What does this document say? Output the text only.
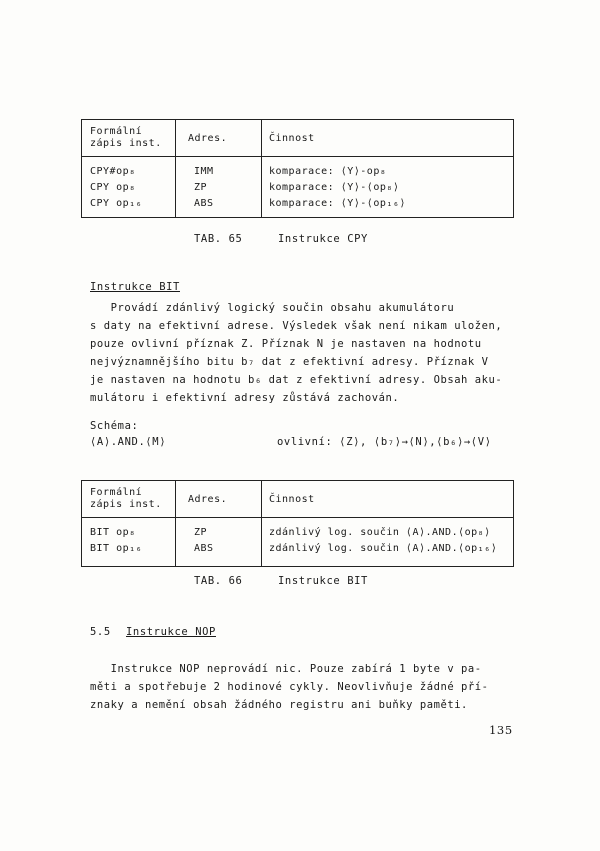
Formální
zápis inst.	Adres.	Činnost
CPY#op₈	IMM	komparace: ⟨Y⟩-op₈
CPY op₈	ZP	komparace: ⟨Y⟩-⟨op₈⟩
CPY op₁₆	ABS	komparace: ⟨Y⟩-⟨op₁₆⟩
TAB. 65	Instrukce CPY
Instrukce BIT
Provádí zdánlivý logický součin obsahu akumulátoru
s daty na efektivní adrese. Výsledek však není nikam uložen,
pouze ovlivní příznak Z. Příznak N je nastaven na hodnotu
nejvýznamnějšího bitu b₇ dat z efektivní adresy. Příznak V
je nastaven na hodnotu b₆ dat z efektivní adresy. Obsah aku-
mulátoru i efektivní adresy zůstává zachován.
Schéma:
⟨A⟩.AND.⟨M⟩	ovlivní: ⟨Z⟩, ⟨b₇⟩→⟨N⟩,⟨b₆⟩→⟨V⟩
Formální
zápis inst.	Adres.	Činnost
BIT op₈	ZP	zdánlivý log. součin ⟨A⟩.AND.⟨op₈⟩
BIT op₁₆	ABS	zdánlivý log. součin ⟨A⟩.AND.⟨op₁₆⟩
TAB. 66	Instrukce BIT
5.5 Instrukce NOP
Instrukce NOP neprovádí nic. Pouze zabírá 1 byte v pa-
měti a spotřebuje 2 hodinové cykly. Neovlivňuje žádné pří-
znaky a nemění obsah žádného registru ani buňky paměti.
135
